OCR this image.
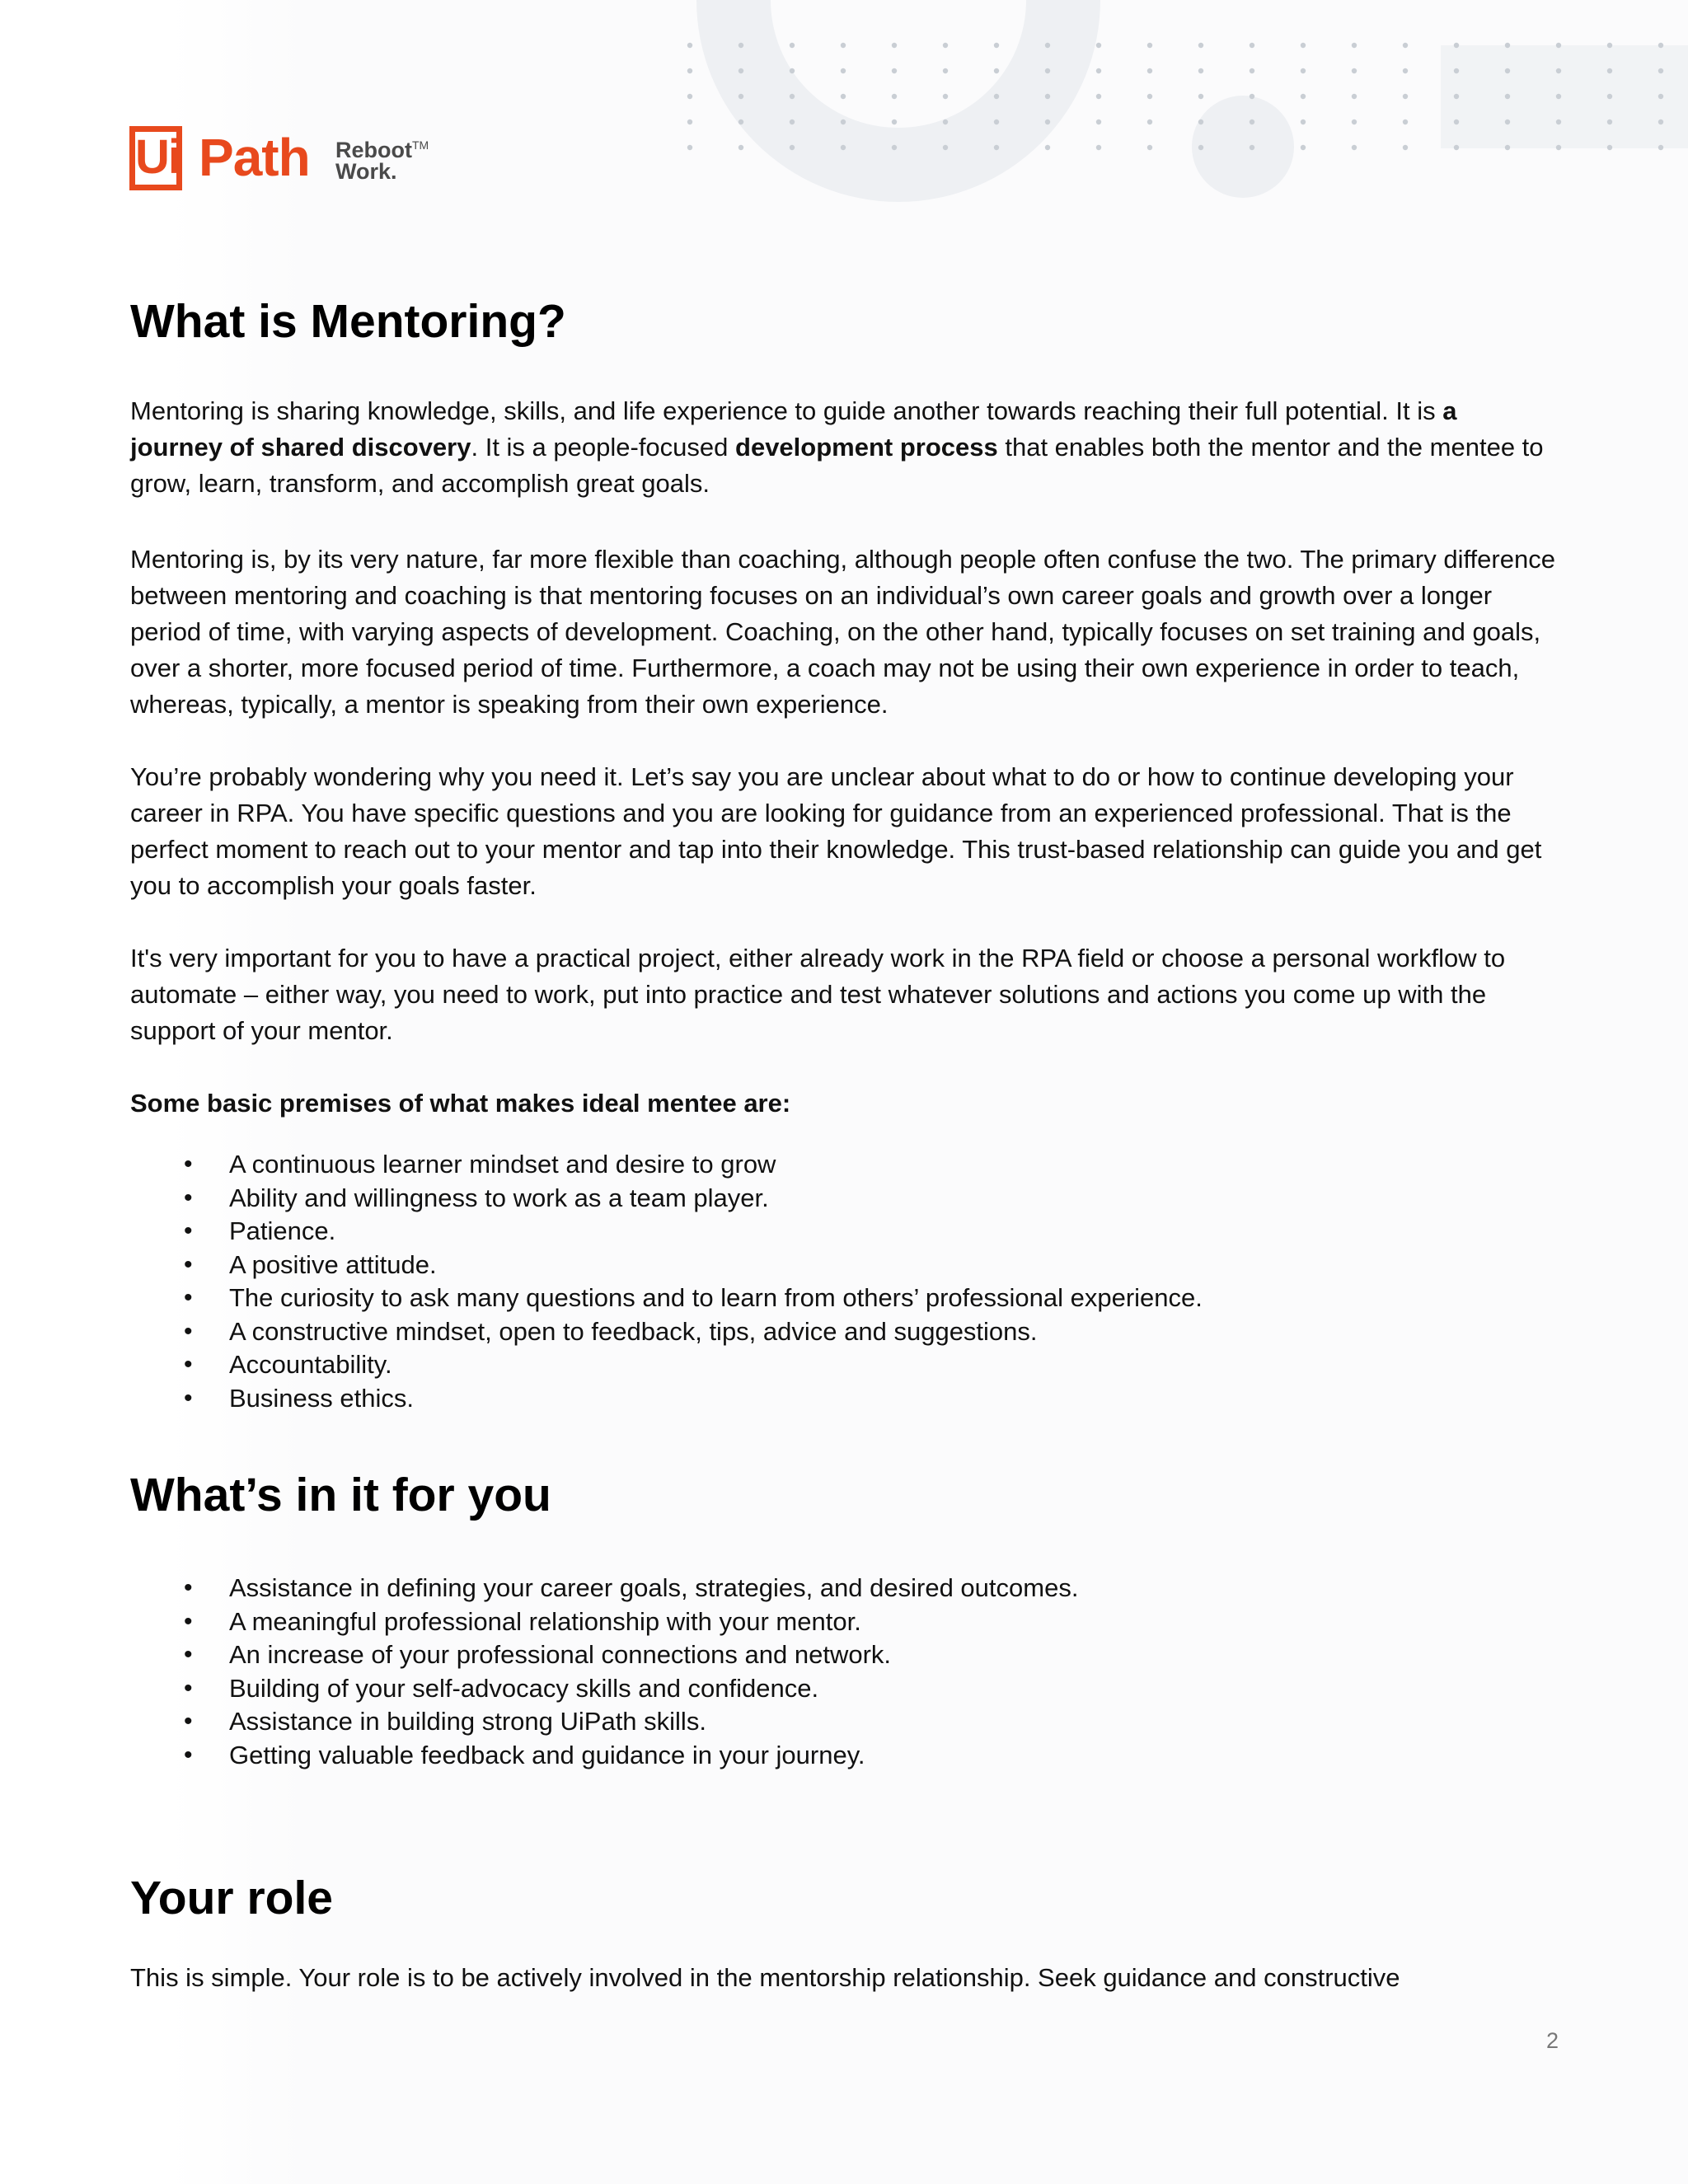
Ui Path Reboot™
Work.
What is Mentoring?

Mentoring is sharing knowledge, skills, and life experience to guide another towards reaching their full potential. It is a journey of shared discovery. It is a people-focused development process that enables both the mentor and the mentee to grow, learn, transform, and accomplish great goals.

Mentoring is, by its very nature, far more flexible than coaching, although people often confuse the two. The primary difference between mentoring and coaching is that mentoring focuses on an individual’s own career goals and growth over a longer period of time, with varying aspects of development. Coaching, on the other hand, typically focuses on set training and goals, over a shorter, more focused period of time. Furthermore, a coach may not be using their own experience in order to teach, whereas, typically, a mentor is speaking from their own experience.

You’re probably wondering why you need it. Let’s say you are unclear about what to do or how to continue developing your career in RPA. You have specific questions and you are looking for guidance from an experienced professional. That is the perfect moment to reach out to your mentor and tap into their knowledge. This trust-based relationship can guide you and get you to accomplish your goals faster.

It's very important for you to have a practical project, either already work in the RPA field or choose a personal workflow to automate – either way, you need to work, put into practice and test whatever solutions and actions you come up with the support of your mentor.

Some basic premises of what makes ideal mentee are:

• A continuous learner mindset and desire to grow
• Ability and willingness to work as a team player.
• Patience.
• A positive attitude.
• The curiosity to ask many questions and to learn from others’ professional experience.
• A constructive mindset, open to feedback, tips, advice and suggestions.
• Accountability.
• Business ethics.
What’s in it for you
• Assistance in defining your career goals, strategies, and desired outcomes.
• A meaningful professional relationship with your mentor.
• An increase of your professional connections and network.
• Building of your self-advocacy skills and confidence.
• Assistance in building strong UiPath skills.
• Getting valuable feedback and guidance in your journey.
Your role

This is simple. Your role is to be actively involved in the mentorship relationship. Seek guidance and constructive

2
